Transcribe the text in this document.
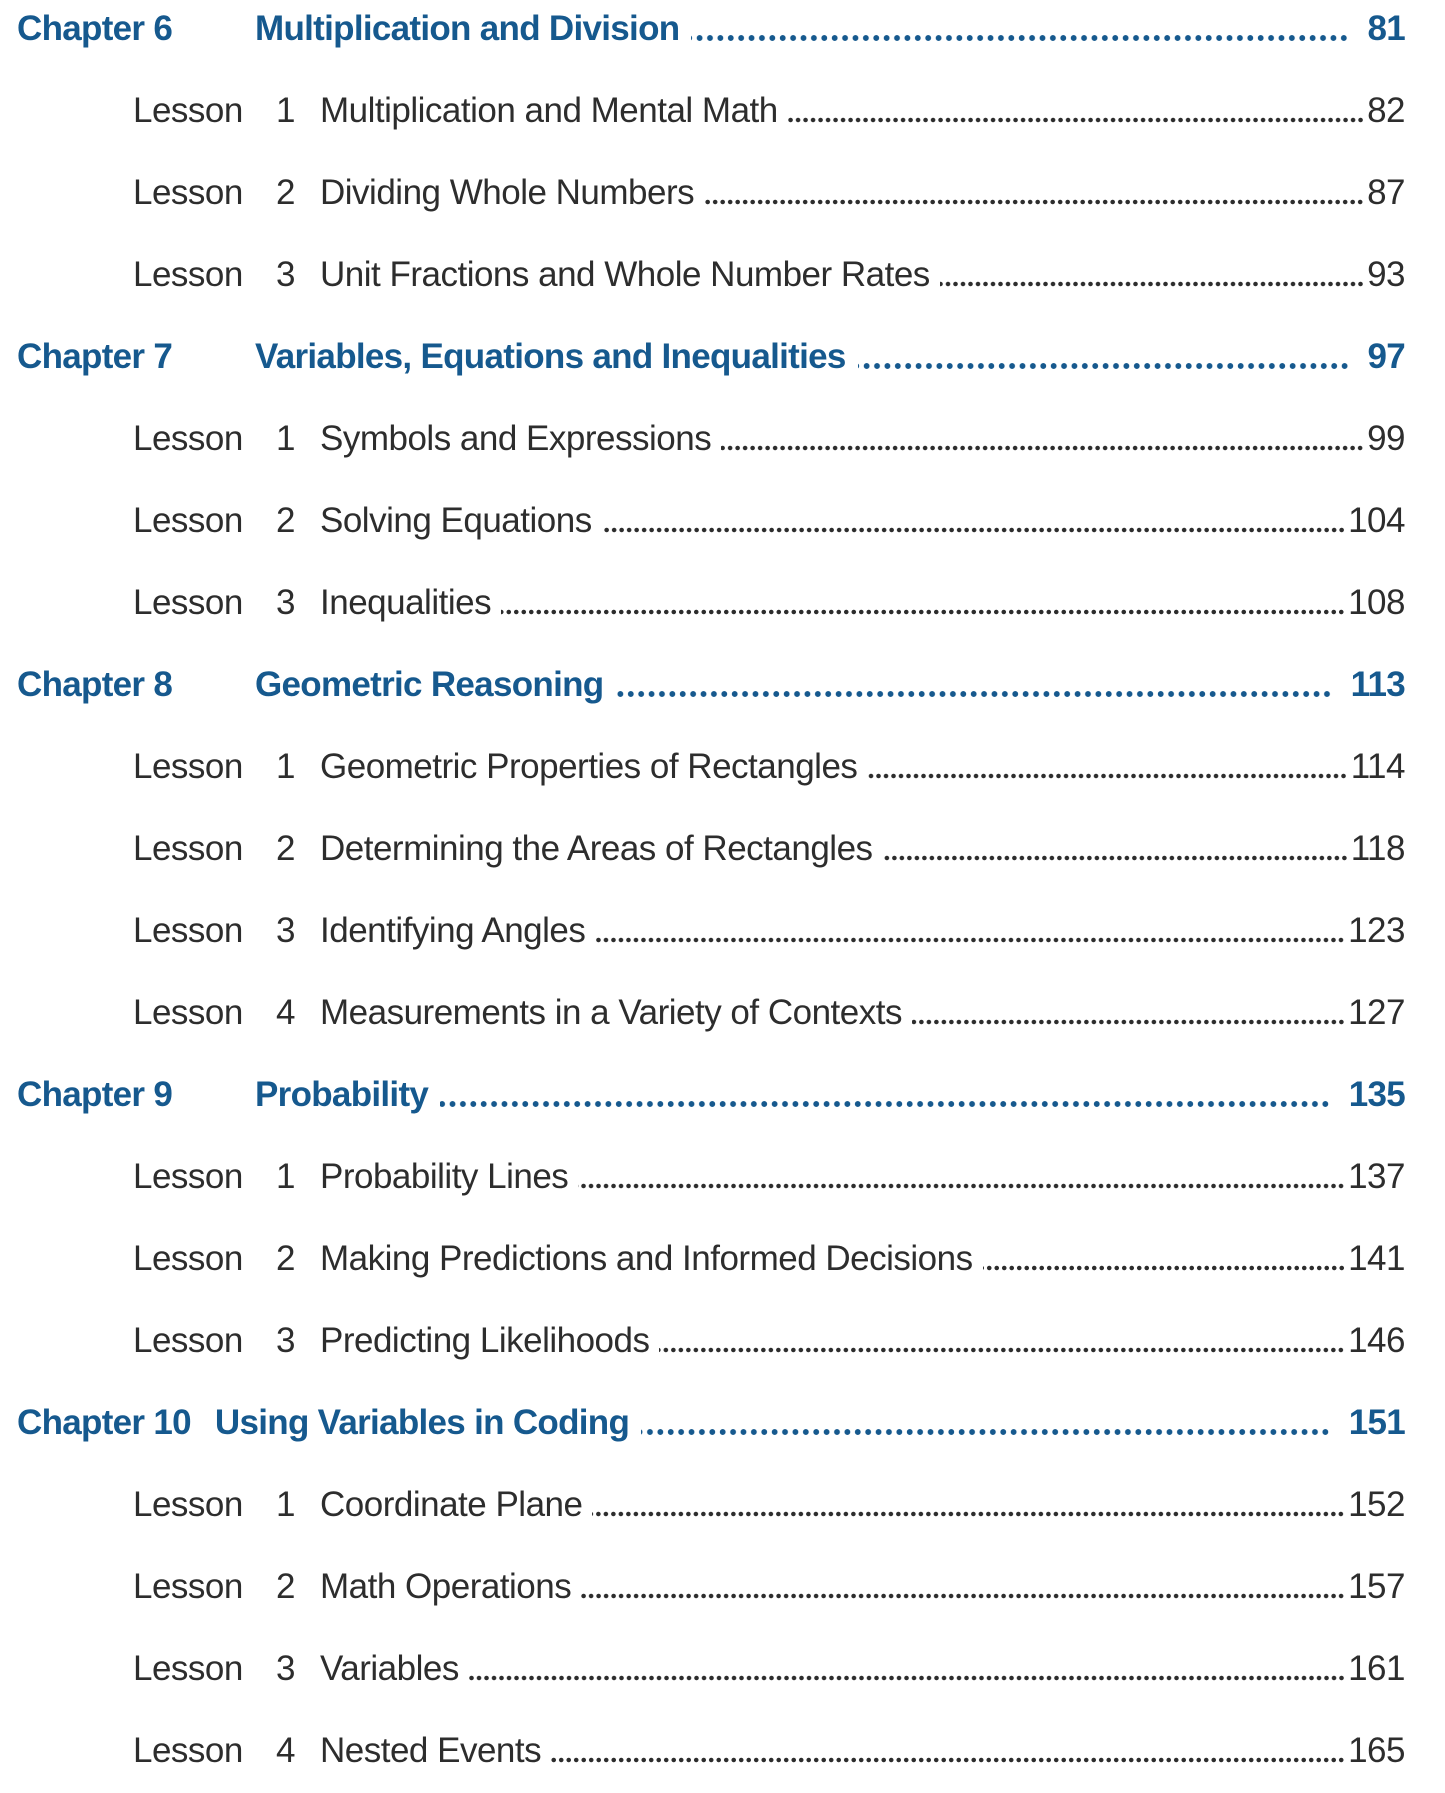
Chapter 6	Multiplication and Division	81
Lesson 1 Multiplication and Mental Math	82
Lesson 2 Dividing Whole Numbers	87
Lesson 3 Unit Fractions and Whole Number Rates	93
Chapter 7	Variables, Equations and Inequalities	97
Lesson 1 Symbols and Expressions	99
Lesson 2 Solving Equations	104
Lesson 3 Inequalities	108
Chapter 8	Geometric Reasoning	113
Lesson 1 Geometric Properties of Rectangles	114
Lesson 2 Determining the Areas of Rectangles	118
Lesson 3 Identifying Angles	123
Lesson 4 Measurements in a Variety of Contexts	127
Chapter 9	Probability	135
Lesson 1 Probability Lines	137
Lesson 2 Making Predictions and Informed Decisions	141
Lesson 3 Predicting Likelihoods	146
Chapter 10 Using Variables in Coding	151
Lesson 1 Coordinate Plane	152
Lesson 2 Math Operations	157
Lesson 3 Variables	161
Lesson 4 Nested Events	165
